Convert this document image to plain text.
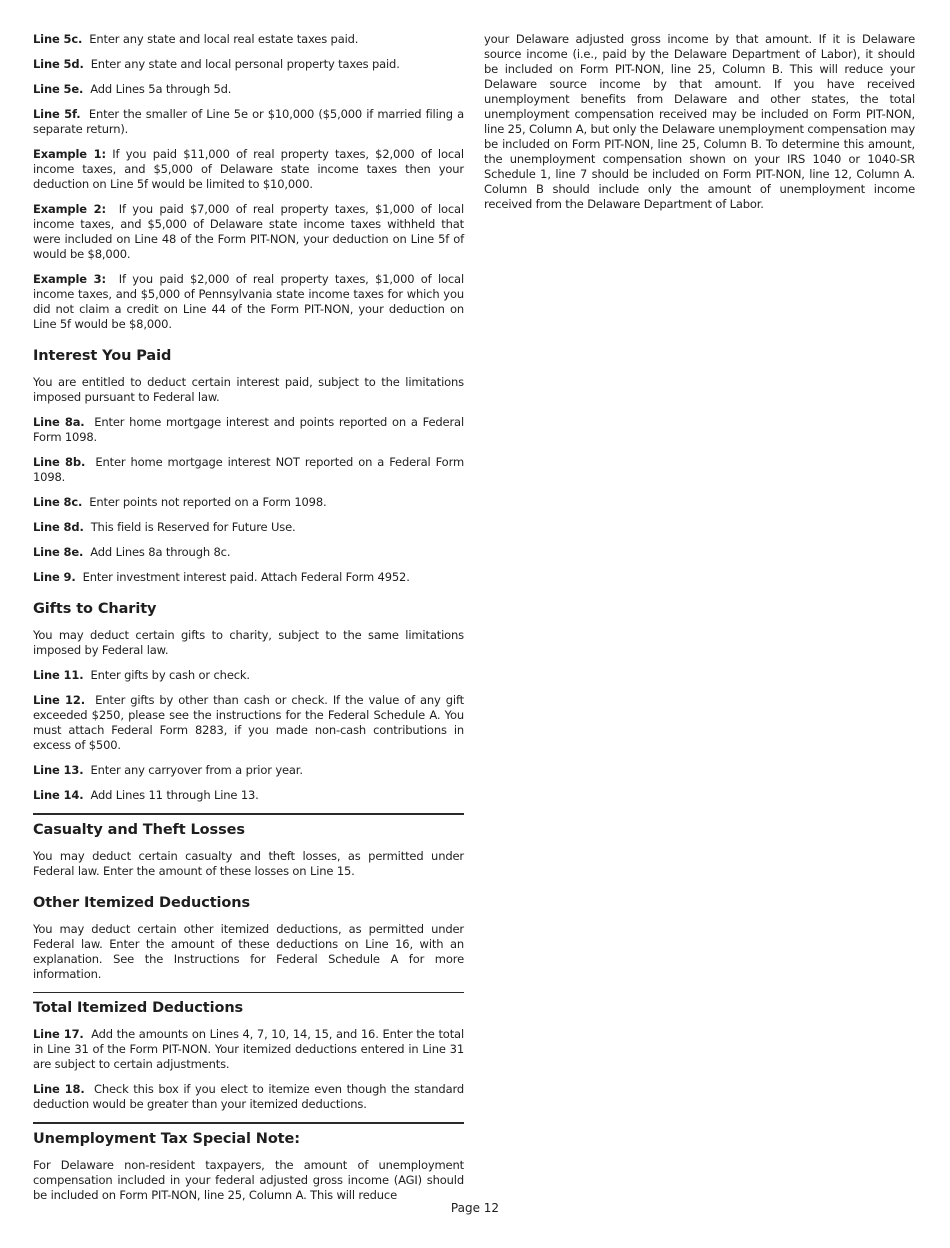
Line 5c. Enter any state and local real estate taxes paid.

Line 5d. Enter any state and local personal property taxes paid.

Line 5e. Add Lines 5a through 5d.

Line 5f. Enter the smaller of Line 5e or $10,000 ($5,000 if married filing a separate return).

Example 1: If you paid $11,000 of real property taxes, $2,000 of local income taxes, and $5,000 of Delaware state income taxes then your deduction on Line 5f would be limited to $10,000.

Example 2: If you paid $7,000 of real property taxes, $1,000 of local income taxes, and $5,000 of Delaware state income taxes withheld that were included on Line 48 of the Form PIT-NON, your deduction on Line 5f of would be $8,000.

Example 3: If you paid $2,000 of real property taxes, $1,000 of local income taxes, and $5,000 of Pennsylvania state income taxes for which you did not claim a credit on Line 44 of the Form PIT-NON, your deduction on Line 5f would be $8,000.

Interest You Paid

You are entitled to deduct certain interest paid, subject to the limitations imposed pursuant to Federal law.

Line 8a. Enter home mortgage interest and points reported on a Federal Form 1098.

Line 8b. Enter home mortgage interest NOT reported on a Federal Form 1098.

Line 8c. Enter points not reported on a Form 1098.

Line 8d. This field is Reserved for Future Use.

Line 8e. Add Lines 8a through 8c.

Line 9. Enter investment interest paid. Attach Federal Form 4952.

Gifts to Charity

You may deduct certain gifts to charity, subject to the same limitations imposed by Federal law.

Line 11. Enter gifts by cash or check.

Line 12. Enter gifts by other than cash or check. If the value of any gift exceeded $250, please see the instructions for the Federal Schedule A. You must attach Federal Form 8283, if you made non-cash contributions in excess of $500.

Line 13. Enter any carryover from a prior year.

Line 14. Add Lines 11 through Line 13.

Casualty and Theft Losses

You may deduct certain casualty and theft losses, as permitted under Federal law. Enter the amount of these losses on Line 15.

Other Itemized Deductions

You may deduct certain other itemized deductions, as permitted under Federal law. Enter the amount of these deductions on Line 16, with an explanation. See the Instructions for Federal Schedule A for more information.

Total Itemized Deductions

Line 17. Add the amounts on Lines 4, 7, 10, 14, 15, and 16. Enter the total in Line 31 of the Form PIT-NON. Your itemized deductions entered in Line 31 are subject to certain adjustments.

Line 18. Check this box if you elect to itemize even though the standard deduction would be greater than your itemized deductions.

Unemployment Tax Special Note:

For Delaware non-resident taxpayers, the amount of unemployment compensation included in your federal adjusted gross income (AGI) should be included on Form PIT-NON, line 25, Column A. This will reduce

your Delaware adjusted gross income by that amount. If it is Delaware source income (i.e., paid by the Delaware Department of Labor), it should be included on Form PIT-NON, line 25, Column B. This will reduce your Delaware source income by that amount. If you have received unemployment benefits from Delaware and other states, the total unemployment compensation received may be included on Form PIT-NON, line 25, Column A, but only the Delaware unemployment compensation may be included on Form PIT-NON, line 25, Column B. To determine this amount, the unemployment compensation shown on your IRS 1040 or 1040-SR Schedule 1, line 7 should be included on Form PIT-NON, line 12, Column A. Column B should include only the amount of unemployment income received from the Delaware Department of Labor.

Page 12
